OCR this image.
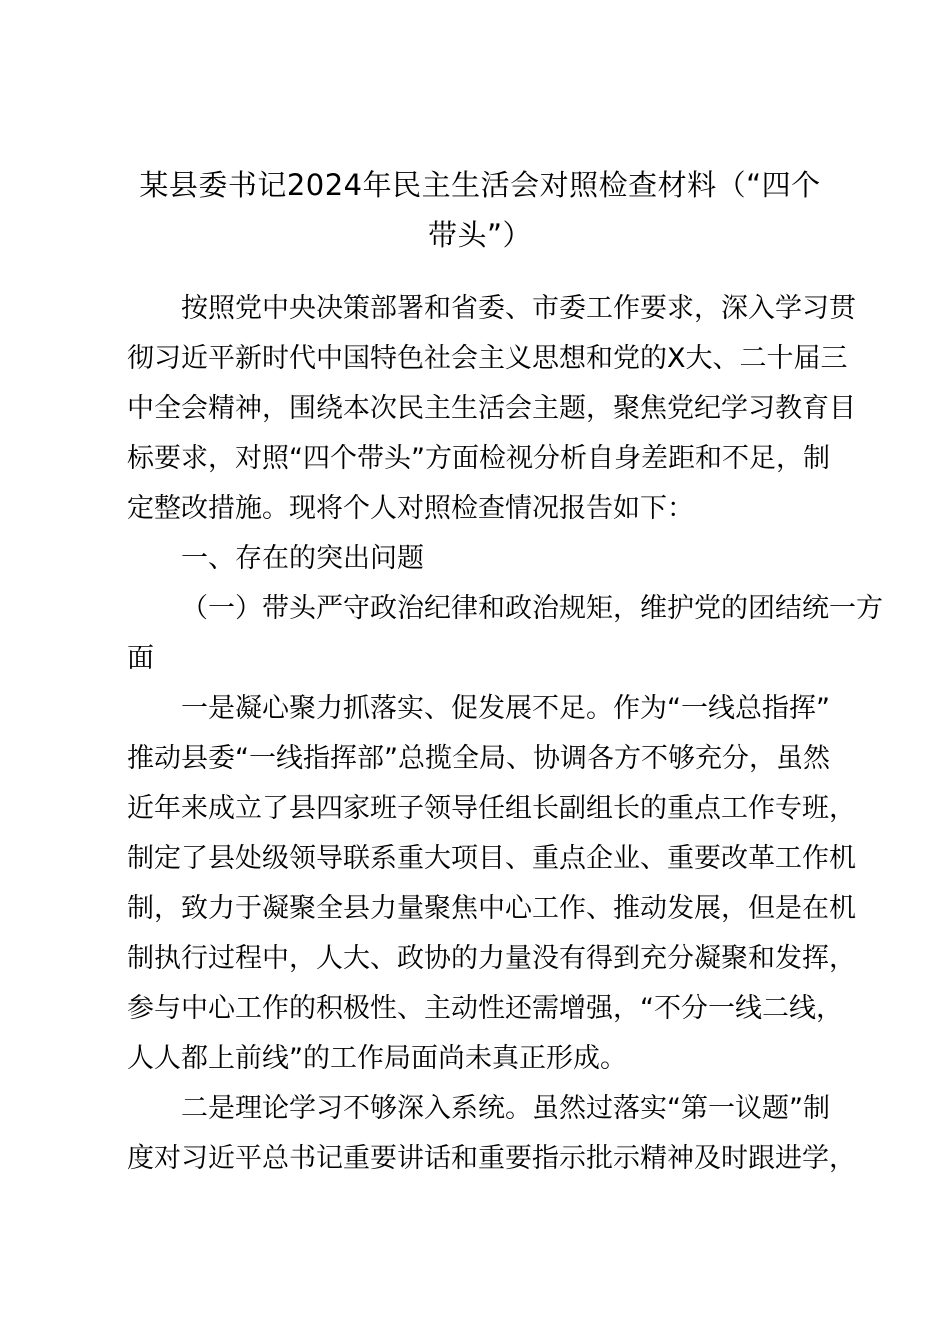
某县委书记2024年民主生活会对照检查材料（“四个
带头”）
按照党中央决策部署和省委、市委工作要求，深入学习贯
彻习近平新时代中国特色社会主义思想和党的X大、二十届三
中全会精神，围绕本次民主生活会主题，聚焦党纪学习教育目
标要求，对照“四个带头”方面检视分析自身差距和不足，制
定整改措施。现将个人对照检查情况报告如下：
一、存在的突出问题
（一）带头严守政治纪律和政治规矩，维护党的团结统一方
面
一是凝心聚力抓落实、促发展不足。作为“一线总指挥”
推动县委“一线指挥部”总揽全局、协调各方不够充分，虽然
近年来成立了县四家班子领导任组长副组长的重点工作专班，
制定了县处级领导联系重大项目、重点企业、重要改革工作机
制，致力于凝聚全县力量聚焦中心工作、推动发展，但是在机
制执行过程中，人大、政协的力量没有得到充分凝聚和发挥，
参与中心工作的积极性、主动性还需增强，“不分一线二线，
人人都上前线”的工作局面尚未真正形成。
二是理论学习不够深入系统。虽然过落实“第一议题”制
度对习近平总书记重要讲话和重要指示批示精神及时跟进学，
